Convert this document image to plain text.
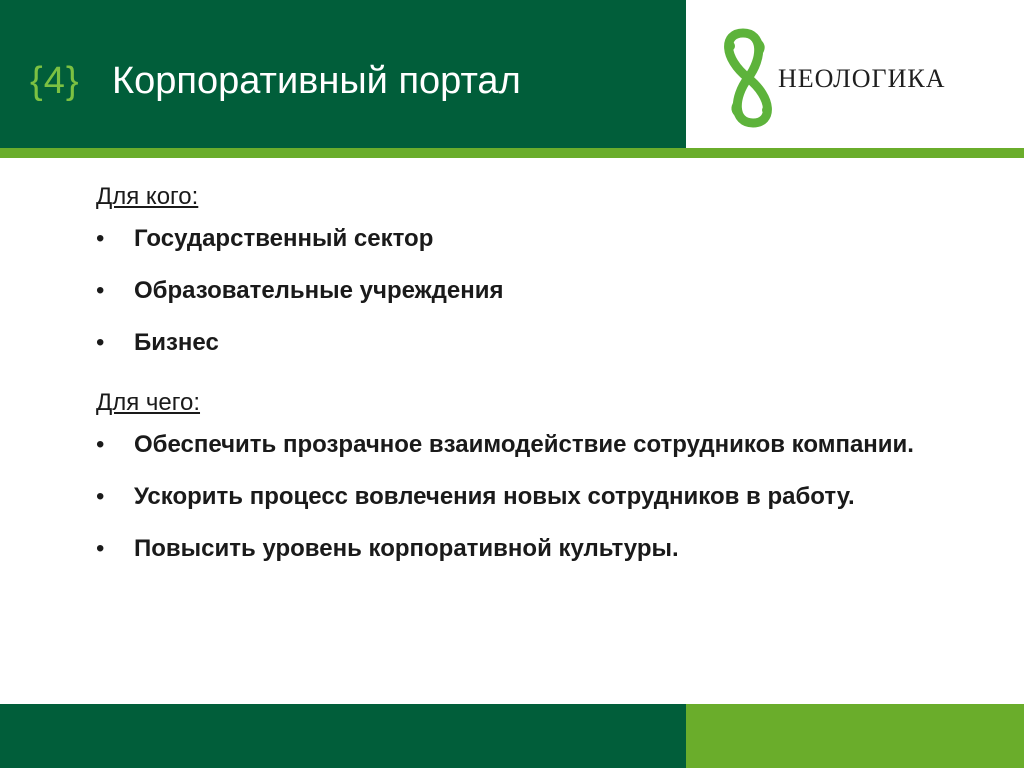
{4} Корпоративный портал	НЕОЛОГИКА

Для кого:

• Государственный сектор
• Образовательные учреждения
• Бизнес

Для чего:

• Обеспечить прозрачное взаимодействие сотрудников компании.
• Ускорить процесс вовлечения новых сотрудников в работу.
• Повысить уровень корпоративной культуры.
